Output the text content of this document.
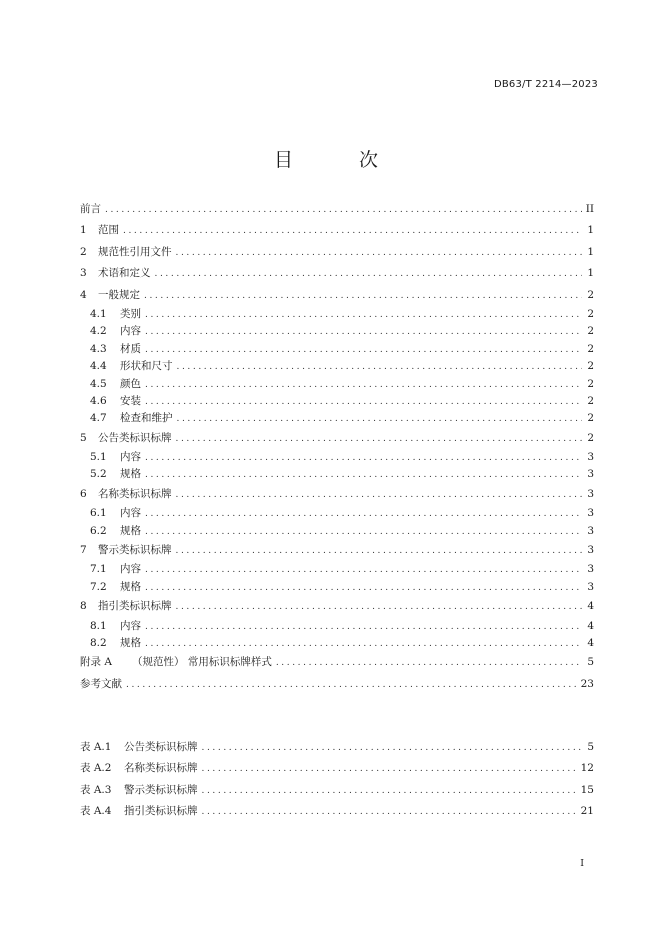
DB63/T 2214—2023
目 次
前言 .....	II
1	范围 .....	1
2	规范性引用文件 .....	1
3	术语和定义 .....	1
4	一般规定 .....	2
4.1	类别 .....	2
4.2	内容 .....	2
4.3	材质 .....	2
4.4	形状和尺寸 .....	2
4.5	颜色 .....	2
4.6	安装 .....	2
4.7	检查和维护 .....	2
5	公告类标识标牌 .....	2
5.1	内容 .....	3
5.2	规格 .....	3
6	名称类标识标牌 .....	3
6.1	内容 .....	3
6.2	规格 .....	3
7	警示类标识标牌 .....	3
7.1	内容 .....	3
7.2	规格 .....	3
8	指引类标识标牌 .....	4
8.1	内容 .....	4
8.2	规格 .....	4
附录 A	（规范性） 常用标识标牌样式 .....	5
参考文献 .....	23
表 A.1	公告类标识标牌 .....	5
表 A.2	名称类标识标牌 .....	12
表 A.3	警示类标识标牌 .....	15
表 A.4	指引类标识标牌 .....	21
I
